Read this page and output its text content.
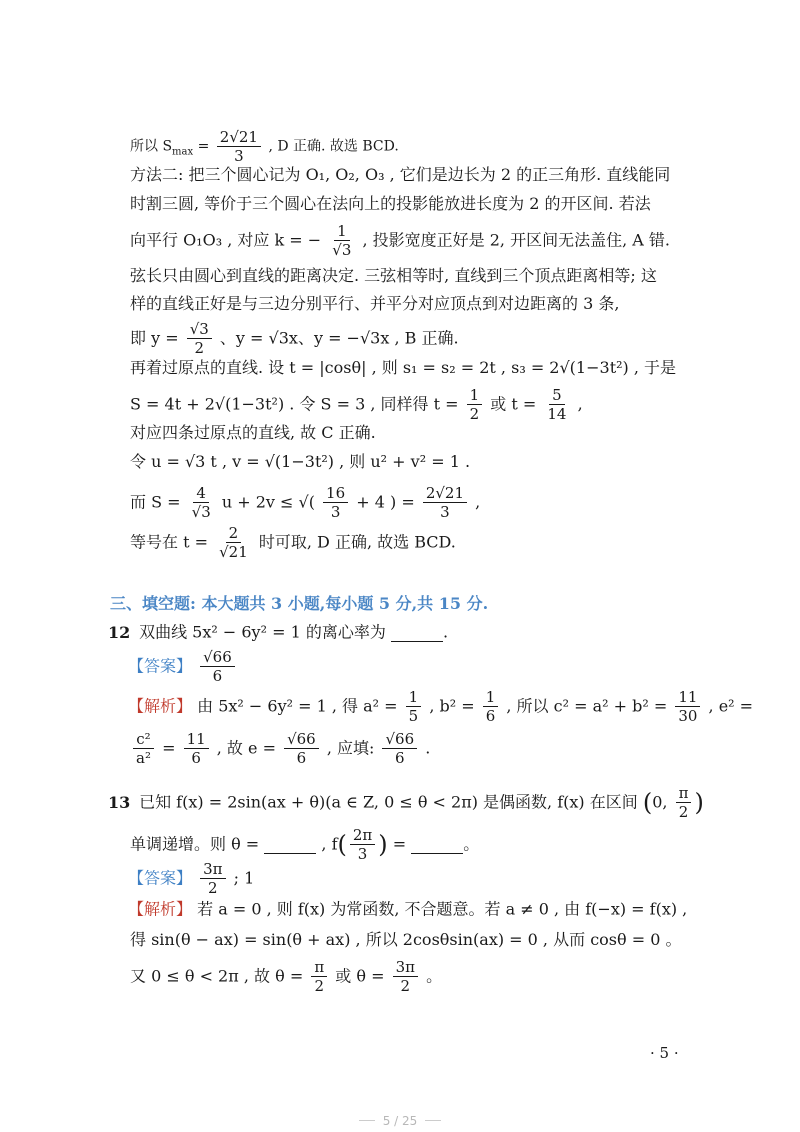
所以 $S_{max} = \frac{2√21}{3}$ , D 正确. 故选 BCD.
方法二: 把三个圆心记为 O₁, O₂, O₃ , 它们是边长为 2 的正三角形. 直线能同
时割三圆, 等价于三个圆心在法向上的投影能放进长度为 2 的开区间. 若法
向平行 O₁O₃ , 对应 k = − $\frac{1}{√3}$ , 投影宽度正好是 2, 开区间无法盖住, A 错.
弦长只由圆心到直线的距离决定. 三弦相等时, 直线到三个顶点距离相等; 这
样的直线正好是与三边分别平行、并平分对应顶点到对边距离的 3 条,
即 $y = \frac{√3}{2}$ 、y = √3x、y = −√3x , B 正确.
再着过原点的直线. 设 t = |cosθ| , 则 s₁ = s₂ = 2t , s₃ = 2√(1−3t²) , 于是
S = 4t + 2√(1−3t²) . 令 S = 3 , 同样得 $t = \frac{1}{2}$ 或 $t = \frac{5}{14}$ ,
对应四条过原点的直线, 故 C 正确.
令 u = √3 t , v = √(1−3t²) , 则 u² + v² = 1 .
而 $S = \frac{4}{√3}$ u + 2v ≤ √( $\frac{16}{3} + 4$ ) = $\frac{2√21}{3}$ ,
等号在 $t = \frac{2}{√21}$ 时可取, D 正确, 故选 BCD.
三、填空题: 本大题共 3 小题,每小题 5 分,共 15 分.
12 双曲线 5x² − 6y² = 1 的离心率为	.
【答案】 $\frac{√66}{6}$
【解析】 由 5x² − 6y² = 1 , 得 $a^2 = \frac{1}{5}$ , $b^2 = \frac{1}{6}$ , 所以 $c^2 = a^2 + b^2 = \frac{11}{30}$ , e² =
$\frac{\text{c²}}{\text{a²}} = \frac{11}{6}$ , 故 $e = \frac{√66}{6}$ , 应填: $\frac{√66}{6}$ .
13 已知 f(x) = 2sin(ax + θ)(a ∈ Z, 0 ≤ θ < 2π) 是偶函数, f(x) 在区间 (0, $\frac{\pi}{2}$ )
单调递增。则 θ =	, $f( \frac{2\pi}{3}$ ) =	。
【答案】 $\frac{3\pi}{2}$ ; 1
【解析】 若 a = 0 , 则 f(x) 为常函数, 不合题意。若 a ≠ 0 , 由 f(−x) = f(x) ,
得 sin(θ − ax) = sin(θ + ax) , 所以 2cosθsin(ax) = 0 , 从而 cosθ = 0 。
又 0 ≤ θ < 2π , 故 $\theta = \frac{\pi}{2}$ 或 $\theta = \frac{3\pi}{2}$ 。
· 5 ·
5 / 25
